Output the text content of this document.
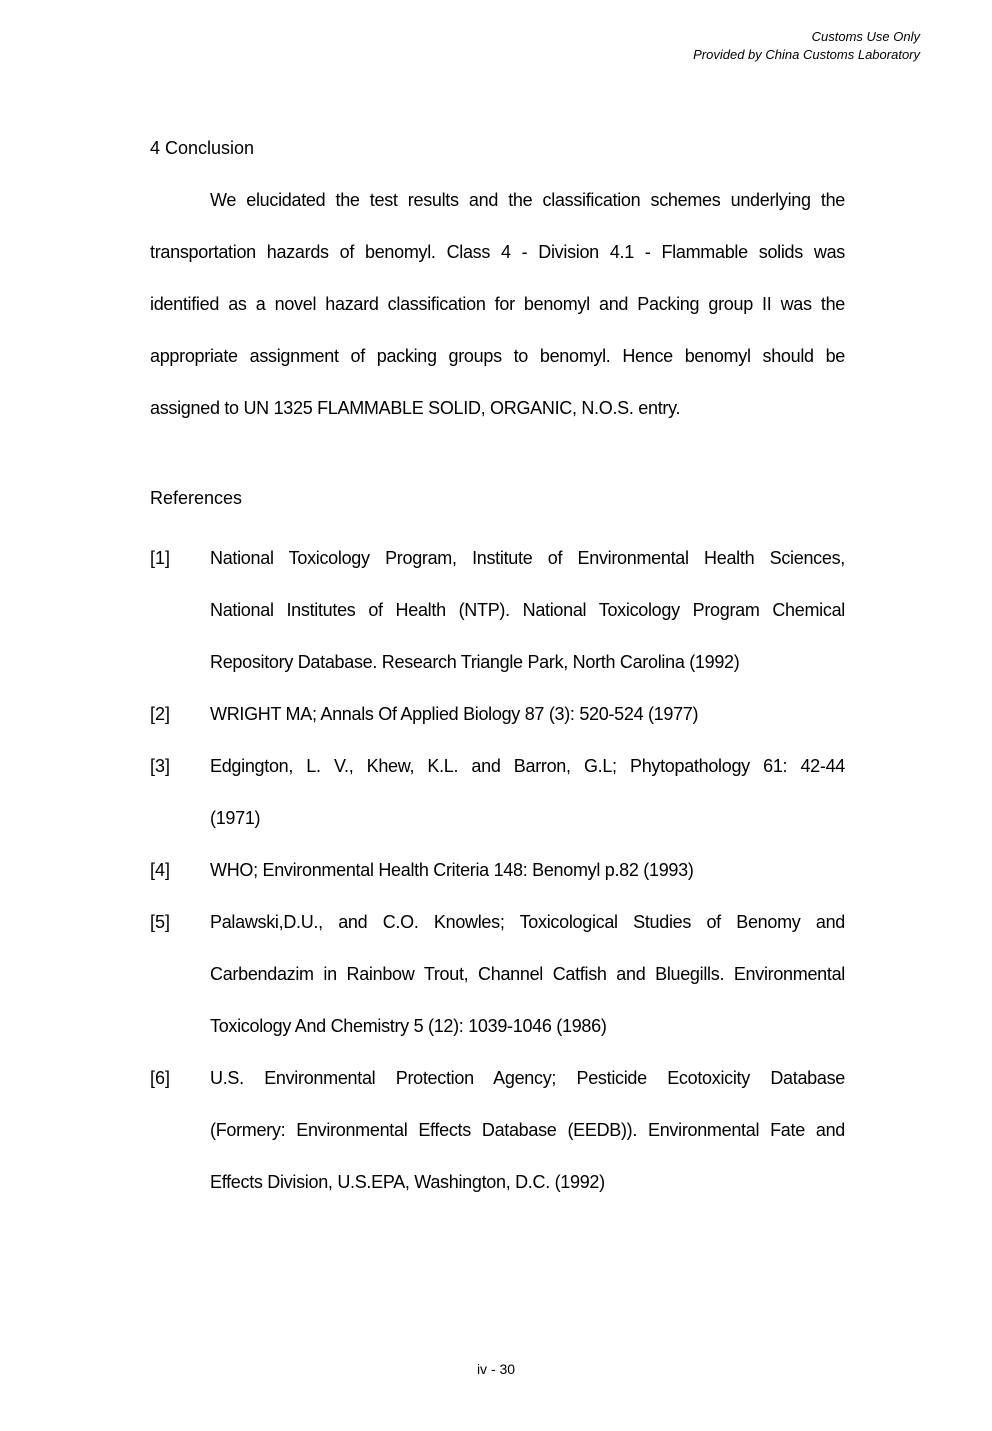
Customs Use Only
Provided by China Customs Laboratory
4 Conclusion
We elucidated the test results and the classification schemes underlying the
transportation hazards of benomyl. Class 4 - Division 4.1 - Flammable solids was
identified as a novel hazard classification for benomyl and Packing group II was the
appropriate assignment of packing groups to benomyl. Hence benomyl should be
assigned to UN 1325 FLAMMABLE SOLID, ORGANIC, N.O.S. entry.
References
[1] National Toxicology Program, Institute of Environmental Health Sciences,
National Institutes of Health (NTP). National Toxicology Program Chemical
Repository Database. Research Triangle Park, North Carolina (1992)
[2] WRIGHT MA; Annals Of Applied Biology 87 (3): 520-524 (1977)
[3] Edgington, L. V., Khew, K.L. and Barron, G.L; Phytopathology 61: 42-44
(1971)
[4] WHO; Environmental Health Criteria 148: Benomyl p.82 (1993)
[5] Palawski,D.U., and C.O. Knowles; Toxicological Studies of Benomy and
Carbendazim in Rainbow Trout, Channel Catfish and Bluegills. Environmental
Toxicology And Chemistry 5 (12): 1039-1046 (1986)
[6] U.S. Environmental Protection Agency; Pesticide Ecotoxicity Database
(Formery: Environmental Effects Database (EEDB)). Environmental Fate and
Effects Division, U.S.EPA, Washington, D.C. (1992)
iv - 30
